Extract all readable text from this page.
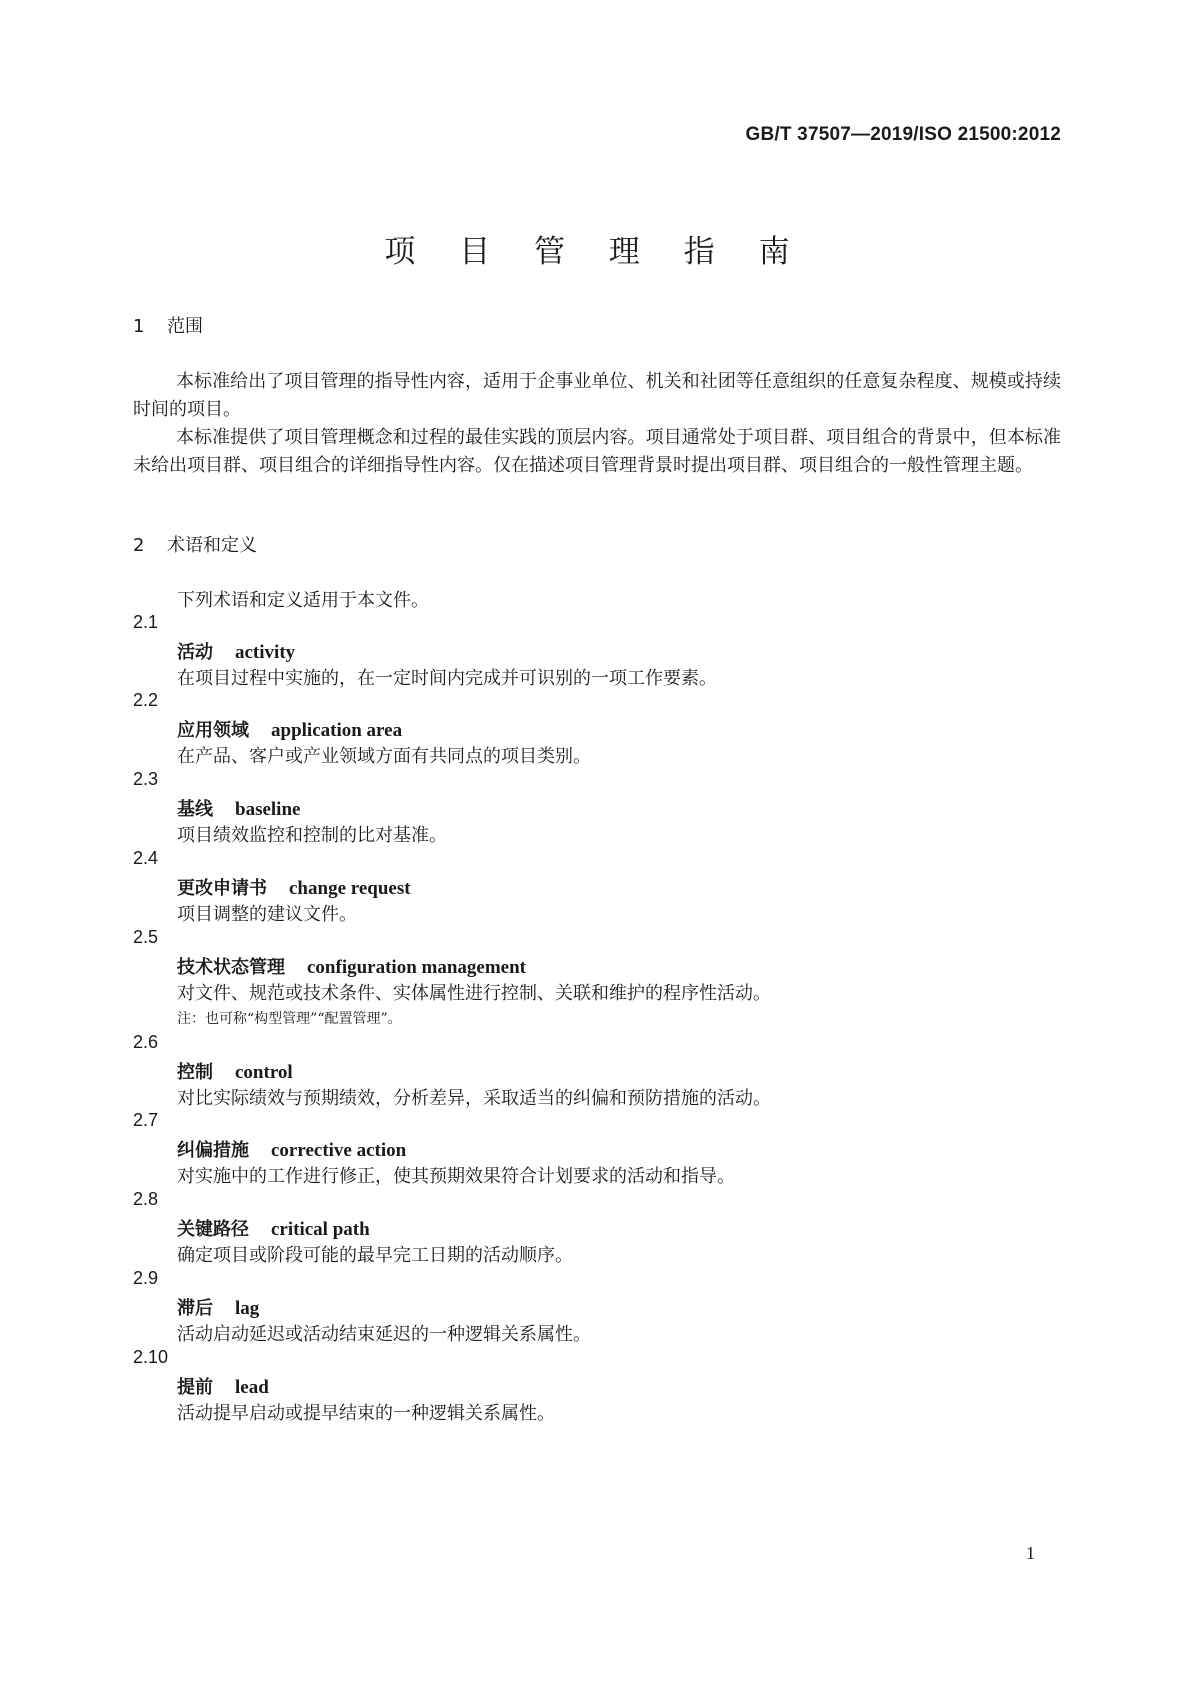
GB/T 37507—2019/ISO 21500:2012
项 目 管 理 指 南
1 范围

本标准给出了项目管理的指导性内容，适用于企事业单位、机关和社团等任意组织的任意复杂程度、规模或持续时间的项目。

本标准提供了项目管理概念和过程的最佳实践的顶层内容。项目通常处于项目群、项目组合的背景中，但本标准未给出项目群、项目组合的详细指导性内容。仅在描述项目管理背景时提出项目群、项目组合的一般性管理主题。

2 术语和定义
下列术语和定义适用于本文件。
2.1
活动 activity
在项目过程中实施的，在一定时间内完成并可识别的一项工作要素。
2.2
应用领域 application area
在产品、客户或产业领域方面有共同点的项目类别。
2.3
基线 baseline
项目绩效监控和控制的比对基准。
2.4
更改申请书 change request
项目调整的建议文件。
2.5
技术状态管理 configuration management
对文件、规范或技术条件、实体属性进行控制、关联和维护的程序性活动。
注：也可称“构型管理”“配置管理”。
2.6
控制 control
对比实际绩效与预期绩效，分析差异，采取适当的纠偏和预防措施的活动。
2.7
纠偏措施 corrective action
对实施中的工作进行修正，使其预期效果符合计划要求的活动和指导。
2.8
关键路径 critical path
确定项目或阶段可能的最早完工日期的活动顺序。
2.9
滞后 lag
活动启动延迟或活动结束延迟的一种逻辑关系属性。
2.10
提前 lead
活动提早启动或提早结束的一种逻辑关系属性。
1
